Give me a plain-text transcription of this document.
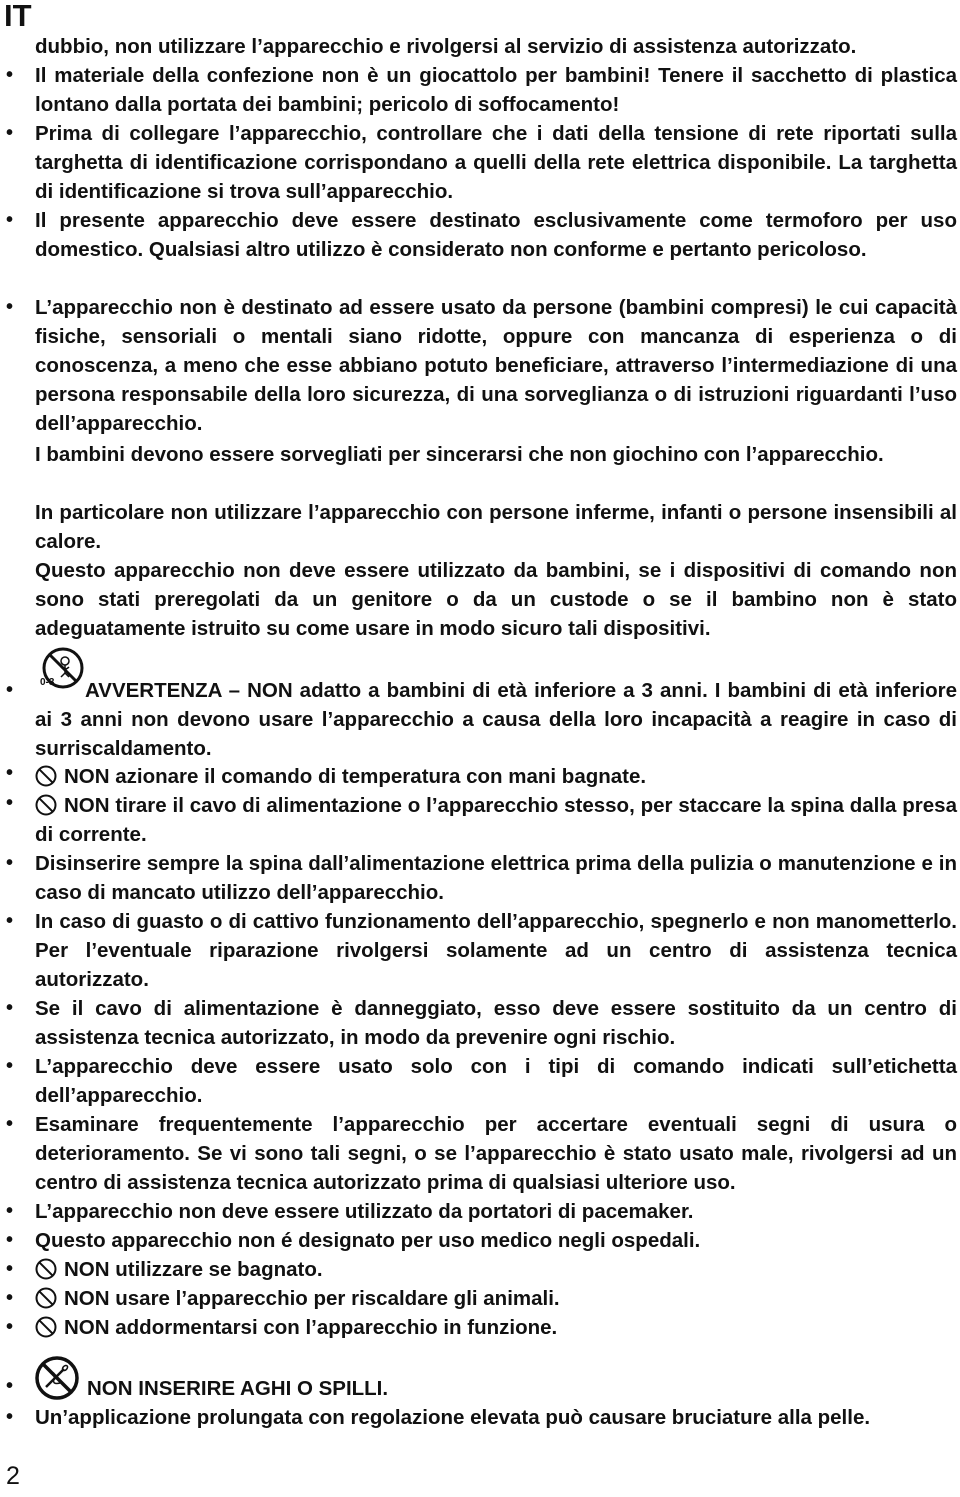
IT
dubbio, non utilizzare l’apparecchio e rivolgersi al servizio di assistenza autorizzato.
• Il materiale della confezione non è un giocattolo per bambini! Tenere il sacchetto di plastica lontano dalla portata dei bambini; pericolo di soffocamento!
• Prima di collegare l’apparecchio, controllare che i dati della tensione di rete riportati sulla targhetta di identificazione corrispondano a quelli della rete elettrica disponibile. La targhetta di identificazione si trova sull’apparecchio.
• Il presente apparecchio deve essere destinato esclusivamente come termoforo per uso domestico. Qualsiasi altro utilizzo è considerato non conforme e pertanto pericoloso.
• L’apparecchio non è destinato ad essere usato da persone (bambini compresi) le cui capacità fisiche, sensoriali o mentali siano ridotte, oppure con mancanza di esperienza o di conoscenza, a meno che esse abbiano potuto beneficiare, attraverso l’intermediazione di una persona responsabile della loro sicurezza, di una sorveglianza o di istruzioni riguardanti l’uso dell’apparecchio.
I bambini devono essere sorvegliati per sincerarsi che non giochino con l’apparecchio.
In particolare non utilizzare l’apparecchio con persone inferme, infanti o persone insensibili al calore.
Questo apparecchio non deve essere utilizzato da bambini, se i dispositivi di comando non sono stati preregolati da un genitore o da un custode o se il bambino non è stato adeguatamente istruito su come usare in modo sicuro tali dispositivi.
0-3
•	AVVERTENZA – NON adatto a bambini di età inferiore a 3 anni. I bambini di età inferiore ai 3 anni non devono usare l’apparecchio a causa della loro incapacità a reagire in caso di surriscaldamento.
•	NON azionare il comando di temperatura con mani bagnate.
•	NON tirare il cavo di alimentazione o l’apparecchio stesso, per staccare la spina dalla presa di corrente.
• Disinserire sempre la spina dall’alimentazione elettrica prima della pulizia o manutenzione e in caso di mancato utilizzo dell’apparecchio.
• In caso di guasto o di cattivo funzionamento dell’apparecchio, spegnerlo e non manometterlo. Per l’eventuale riparazione rivolgersi solamente ad un centro di assistenza tecnica autorizzato.
• Se il cavo di alimentazione è danneggiato, esso deve essere sostituito da un centro di assistenza tecnica autorizzato, in modo da prevenire ogni rischio.
• L’apparecchio deve essere usato solo con i tipi di comando indicati sull’etichetta dell’apparecchio.
• Esaminare frequentemente l’apparecchio per accertare eventuali segni di usura o deterioramento. Se vi sono tali segni, o se l’apparecchio è stato usato male, rivolgersi ad un centro di assistenza tecnica autorizzato prima di qualsiasi ulteriore uso.
• L’apparecchio non deve essere utilizzato da portatori di pacemaker.
• Questo apparecchio non é designato per uso medico negli ospedali.
•	NON utilizzare se bagnato.
•	NON usare l’apparecchio per riscaldare gli animali.
•	NON addormentarsi con l’apparecchio in funzione.
•	NON INSERIRE AGHI O SPILLI.
• Un’applicazione prolungata con regolazione elevata può causare bruciature alla pelle.
2
